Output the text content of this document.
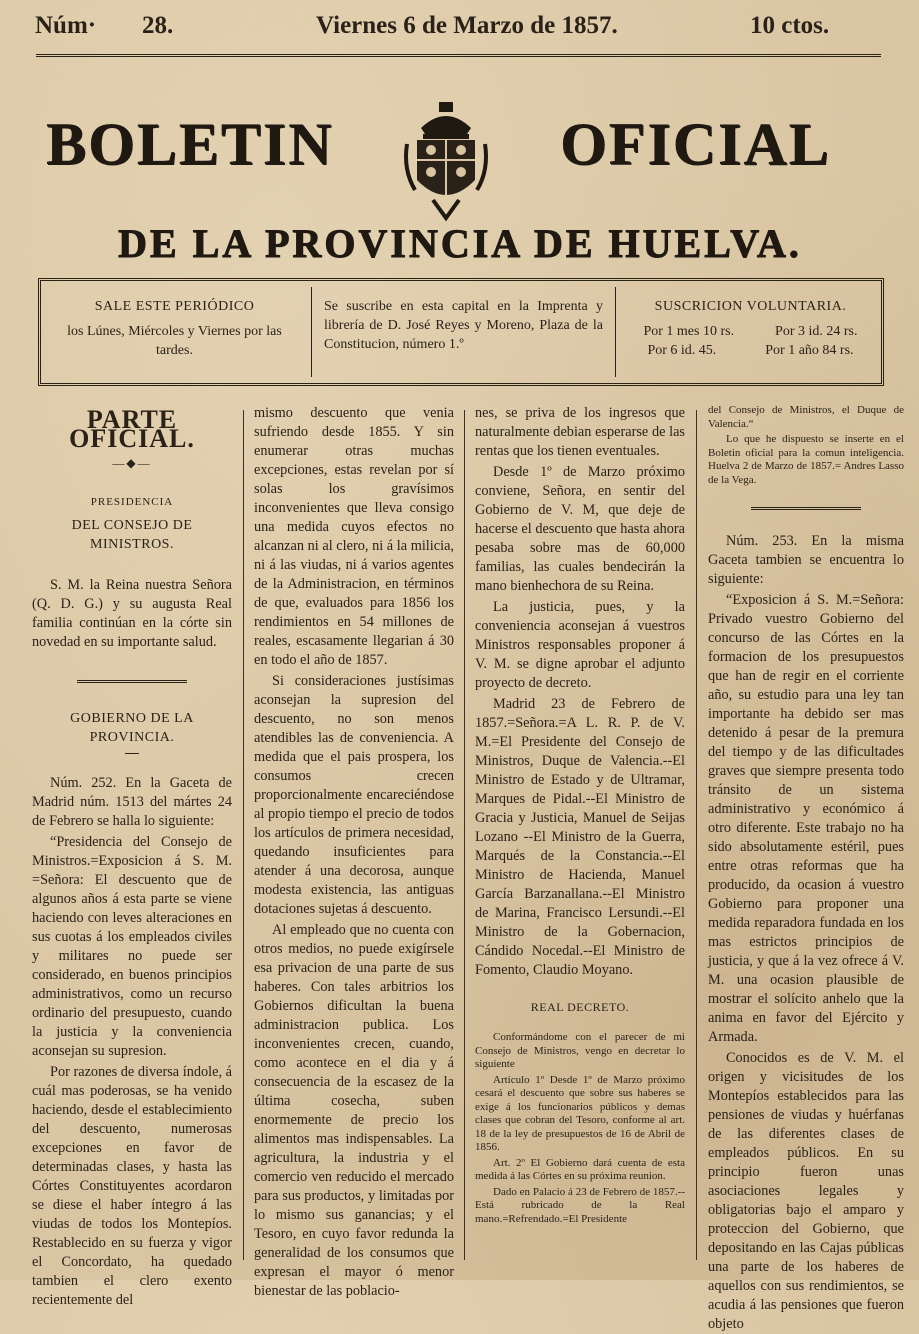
Núm· 28.	Viernes 6 de Marzo de 1857.	10 ctos.
BOLETIN	OFICIAL
DE LA PROVINCIA DE HUELVA.
SALE ESTE PERIÓDICO
los Lúnes, Miércoles y Viernes por las tardes.
Se suscribe en esta capital en la Imprenta y librería de D. José Reyes y Moreno, Plaza de la Constitucion, número 1.º
SUSCRICION VOLUNTARIA.
Por 1 mes 10 rs.	Por 3 id. 24 rs.
Por 6 id. 45.	Por 1 año 84 rs.
PARTE OFICIAL.
—◆—
PRESIDENCIA
DEL CONSEJO DE MINISTROS.

S. M. la Reina nuestra Señora (Q. D. G.) y su augusta Real familia continúan en la córte sin novedad en su importante salud.

GOBIERNO DE LA PROVINCIA.

Núm. 252. En la Gaceta de Madrid núm. 1513 del mártes 24 de Febrero se halla lo siguiente:

“Presidencia del Consejo de Ministros.=Exposicion á S. M. =Señora: El descuento que de algunos años á esta parte se viene haciendo con leves alteraciones en sus cuotas á los empleados civiles y militares no puede ser considerado, en buenos principios administrativos, como un recurso ordinario del presupuesto, cuando la justicia y la conveniencia aconsejan su supresion.

Por razones de diversa índole, á cuál mas poderosas, se ha venido haciendo, desde el establecimiento del descuento, numerosas excepciones en favor de determinadas clases, y hasta las Córtes Constituyentes acordaron se diese el haber íntegro á las viudas de todos los Montepíos. Restablecido en su fuerza y vigor el Concordato, ha quedado tambien el clero exento recientemente del

mismo descuento que venia sufriendo desde 1855. Y sin enumerar otras muchas excepciones, estas revelan por sí solas los gravísimos inconvenientes que lleva consigo una medida cuyos efectos no alcanzan ni al clero, ni á la milicia, ni á las viudas, ni á varios agentes de la Administracion, en términos de que, evaluados para 1856 los rendimientos en 54 millones de reales, escasamente llegarian á 30 en todo el año de 1857.

Si consideraciones justísimas aconsejan la supresion del descuento, no son menos atendibles las de conveniencia. A medida que el pais prospera, los consumos crecen proporcionalmente encareciéndose al propio tiempo el precio de todos los artículos de primera necesidad, quedando insuficientes para atender á una decorosa, aunque modesta existencia, las antiguas dotaciones sujetas á descuento.

Al empleado que no cuenta con otros medios, no puede exigírsele esa privacion de una parte de sus haberes. Con tales arbitrios los Gobiernos dificultan la buena administracion publica. Los inconvenientes crecen, cuando, como acontece en el dia y á consecuencia de la escasez de la última cosecha, suben enormemente de precio los alimentos mas indispensables. La agricultura, la industria y el comercio ven reducido el mercado para sus productos, y limitadas por lo mismo sus ganancias; y el Tesoro, en cuyo favor redunda la generalidad de los consumos que expresan el mayor ó menor bienestar de las poblacio-

nes, se priva de los ingresos que naturalmente debian esperarse de las rentas que los tienen eventuales.

Desde 1º de Marzo próximo conviene, Señora, en sentir del Gobierno de V. M, que deje de hacerse el descuento que hasta ahora pesaba sobre mas de 60,000 familias, las cuales bendecirán la mano bienhechora de su Reina.

La justicia, pues, y la conveniencia aconsejan á vuestros Ministros responsables proponer á V. M. se digne aprobar el adjunto proyecto de decreto.

Madrid 23 de Febrero de 1857.=Señora.=A L. R. P. de V. M.=El Presidente del Consejo de Ministros, Duque de Valencia.--El Ministro de Estado y de Ultramar, Marques de Pidal.--El Ministro de Gracia y Justicia, Manuel de Seijas Lozano --El Ministro de la Guerra, Marqués de la Constancia.--El Ministro de Hacienda, Manuel García Barzanallana.--El Ministro de Marina, Francisco Lersundi.--El Ministro de la Gobernacion, Cándido Nocedal.--El Ministro de Fomento, Claudio Moyano.

REAL DECRETO.

Conformándome con el parecer de mi Consejo de Ministros, vengo en decretar lo siguiente

Artículo 1º Desde 1º de Marzo próximo cesará el descuento que sobre sus haberes se exige á los funcionarios públicos y demas clases que cobran del Tesoro, conforme al art. 18 de la ley de presupuestos de 16 de Abril de 1856.

Art. 2º El Gobierno dará cuenta de esta medida á las Córtes en su próxima reunion.

Dado en Palacio á 23 de Febrero de 1857.--Está rubricado de la Real mano.=Refrendado.=El Presidente

del Consejo de Ministros, el Duque de Valencia.“

Lo que he dispuesto se inserte en el Boletin oficial para la comun inteligencia. Huelva 2 de Marzo de 1857.= Andres Lasso de la Vega.

Núm. 253. En la misma Gaceta tambien se encuentra lo siguiente:

“Exposicion á S. M.=Señora: Privado vuestro Gobierno del concurso de las Córtes en la formacion de los presupuestos que han de regir en el corriente año, su estudio para una ley tan importante ha debido ser mas detenido á pesar de la premura del tiempo y de las dificultades graves que siempre presenta todo tránsito de un sistema administrativo y económico á otro diferente. Este trabajo no ha sido absolutamente estéril, pues entre otras reformas que ha producido, da ocasion á vuestro Gobierno para proponer una medida reparadora fundada en los mas estrictos principios de justicia, y que á la vez ofrece á V. M. una ocasion plausible de mostrar el solícito anhelo que la anima en favor del Ejército y Armada.

Conocidos es de V. M. el origen y vicisitudes de los Montepíos establecidos para las pensiones de viudas y huérfanas de las diferentes clases de empleados públicos. En su principio fueron unas asociaciones legales y obligatorias bajo el amparo y proteccion del Gobierno, que depositando en las Cajas públicas una parte de los haberes de aquellos con sus rendimientos, se acudia á las pensiones que fueron objeto
